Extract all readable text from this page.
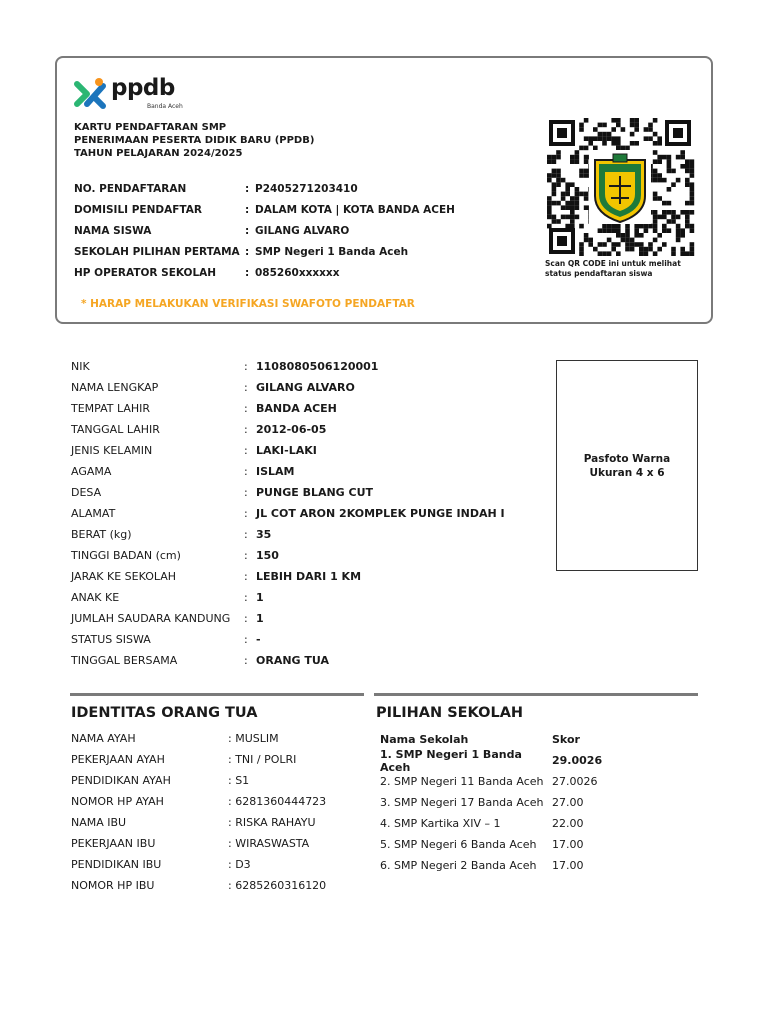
ppdb
Banda Aceh
KARTU PENDAFTARAN SMP
PENERIMAAN PESERTA DIDIK BARU (PPDB)
TAHUN PELAJARAN 2024/2025
NO. PENDAFTARAN	: P2405271203410
DOMISILI PENDAFTAR	: DALAM KOTA | KOTA BANDA ACEH
NAMA SISWA	: GILANG ALVARO
SEKOLAH PILIHAN PERTAMA : SMP Negeri 1 Banda Aceh
HP OPERATOR SEKOLAH	: 085260xxxxxx
* HARAP MELAKUKAN VERIFIKASI SWAFOTO PENDAFTAR
Scan QR CODE ini untuk melihat
status pendaftaran siswa
NIK	: 1108080506120001
NAMA LENGKAP	: GILANG ALVARO
TEMPAT LAHIR	: BANDA ACEH
TANGGAL LAHIR	: 2012-06-05
JENIS KELAMIN	: LAKI-LAKI
AGAMA	: ISLAM
DESA	: PUNGE BLANG CUT
ALAMAT	: JL COT ARON 2KOMPLEK PUNGE INDAH I
BERAT (kg)	: 35
TINGGI BADAN (cm)	: 150
JARAK KE SEKOLAH	: LEBIH DARI 1 KM
ANAK KE	: 1
JUMLAH SAUDARA KANDUNG	: 1
STATUS SISWA	: -
TINGGAL BERSAMA	: ORANG TUA
Pasfoto Warna
Ukuran 4 x 6
IDENTITAS ORANG TUA	PILIHAN SEKOLAH
NAMA AYAH	: MUSLIM
PEKERJAAN AYAH	: TNI / POLRI
PENDIDIKAN AYAH	: S1
NOMOR HP AYAH	: 6281360444723
NAMA IBU	: RISKA RAHAYU
PEKERJAAN IBU	: WIRASWASTA
PENDIDIKAN IBU	: D3
NOMOR HP IBU	: 6285260316120
Nama Sekolah	Skor
1. SMP Negeri 1 Banda Aceh	29.0026
2. SMP Negeri 11 Banda Aceh 27.0026
3. SMP Negeri 17 Banda Aceh 27.00
4. SMP Kartika XIV – 1	22.00
5. SMP Negeri 6 Banda Aceh	17.00
6. SMP Negeri 2 Banda Aceh	17.00
